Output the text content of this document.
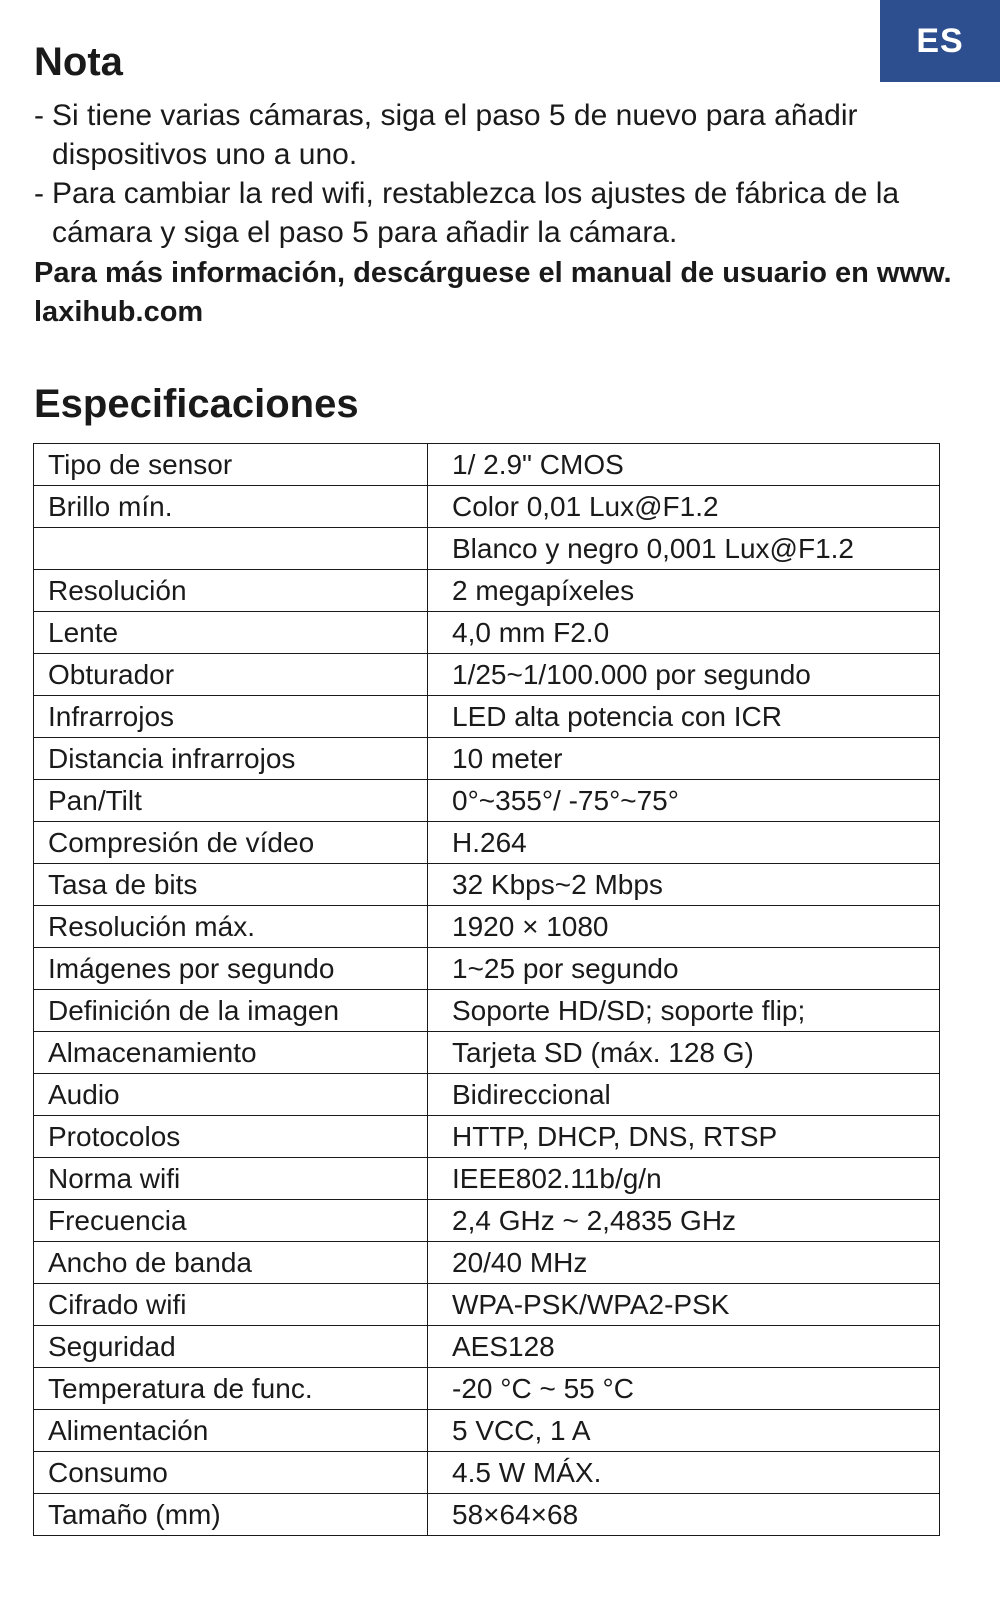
ES
Nota
- Si tiene varias cámaras, siga el paso 5 de nuevo para añadir dispositivos uno a uno.
- Para cambiar la red wifi, restablezca los ajustes de fábrica de la cámara y siga el paso 5 para añadir la cámara.

Para más información, descárguese el manual de usuario en www. laxihub.com

Especificaciones
Tipo de sensor	1/ 2.9" CMOS
Brillo mín.	Color 0,01 Lux@F1.2
	Blanco y negro 0,001 Lux@F1.2
Resolución	2 megapíxeles
Lente	4,0 mm F2.0
Obturador	1/25~1/100.000 por segundo
Infrarrojos	LED alta potencia con ICR
Distancia infrarrojos	10 meter
Pan/Tilt	0°~355°/ -75°~75°
Compresión de vídeo	H.264
Tasa de bits	32 Kbps~2 Mbps
Resolución máx.	1920 × 1080
Imágenes por segundo	1~25 por segundo
Definición de la imagen	Soporte HD/SD; soporte flip;
Almacenamiento	Tarjeta SD (máx. 128 G)
Audio	Bidireccional
Protocolos	HTTP, DHCP, DNS, RTSP
Norma wifi	IEEE802.11b/g/n
Frecuencia	2,4 GHz ~ 2,4835 GHz
Ancho de banda	20/40 MHz
Cifrado wifi	WPA-PSK/WPA2-PSK
Seguridad	AES128
Temperatura de func.	-20 °C ~ 55 °C
Alimentación	5 VCC, 1 A
Consumo	4.5 W MÁX.
Tamaño (mm)	58×64×68
